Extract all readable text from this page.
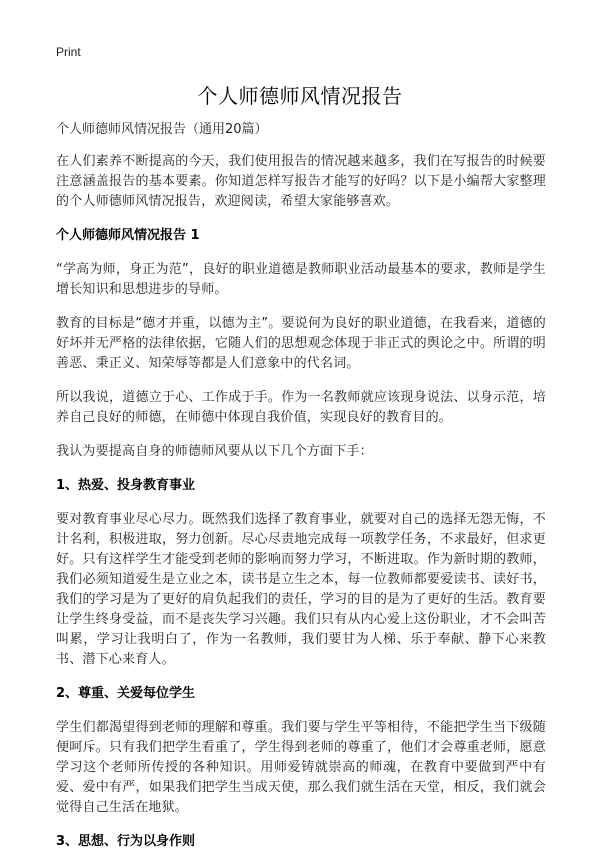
Print
个人师德师风情况报告

个人师德师风情况报告（通用20篇）

在人们素养不断提高的今天，我们使用报告的情况越来越多，我们在写报告的时候要注意涵盖报告的基本要素。你知道怎样写报告才能写的好吗？以下是小编帮大家整理的个人师德师风情况报告，欢迎阅读，希望大家能够喜欢。

个人师德师风情况报告 1

“学高为师，身正为范”，良好的职业道德是教师职业活动最基本的要求，教师是学生增长知识和思想进步的导师。

教育的目标是“德才并重，以德为主”。要说何为良好的职业道德，在我看来，道德的好坏并无严格的法律依据，它随人们的思想观念体现于非正式的舆论之中。所谓的明善恶、秉正义、知荣辱等都是人们意象中的代名词。

所以我说，道德立于心、工作成于手。作为一名教师就应该现身说法、以身示范，培养自己良好的师德，在师德中体现自我价值，实现良好的教育目的。

我认为要提高自身的师德师风要从以下几个方面下手：

1、热爱、投身教育事业

要对教育事业尽心尽力。既然我们选择了教育事业，就要对自己的选择无怨无悔，不计名利，积极进取，努力创新。尽心尽责地完成每一项教学任务，不求最好，但求更好。只有这样学生才能受到老师的影响而努力学习，不断进取。作为新时期的教师，我们必须知道爱生是立业之本，读书是立生之本，每一位教师都要爱读书、读好书，我们的学习是为了更好的肩负起我们的责任，学习的目的是为了更好的生活。教育要让学生终身受益，而不是丧失学习兴趣。我们只有从内心爱上这份职业，才不会叫苦叫累，学习让我明白了，作为一名教师，我们要甘为人梯、乐于奉献、静下心来教书、潜下心来育人。

2、尊重、关爱每位学生

学生们都渴望得到老师的理解和尊重。我们要与学生平等相待，不能把学生当下级随便呵斥。只有我们把学生看重了，学生得到老师的尊重了，他们才会尊重老师，愿意学习这个老师所传授的各种知识。用师爱铸就崇高的师魂，在教育中要做到严中有爱、爱中有严，如果我们把学生当成天使，那么我们就生活在天堂，相反，我们就会觉得自己生活在地狱。

3、思想、行为以身作则
